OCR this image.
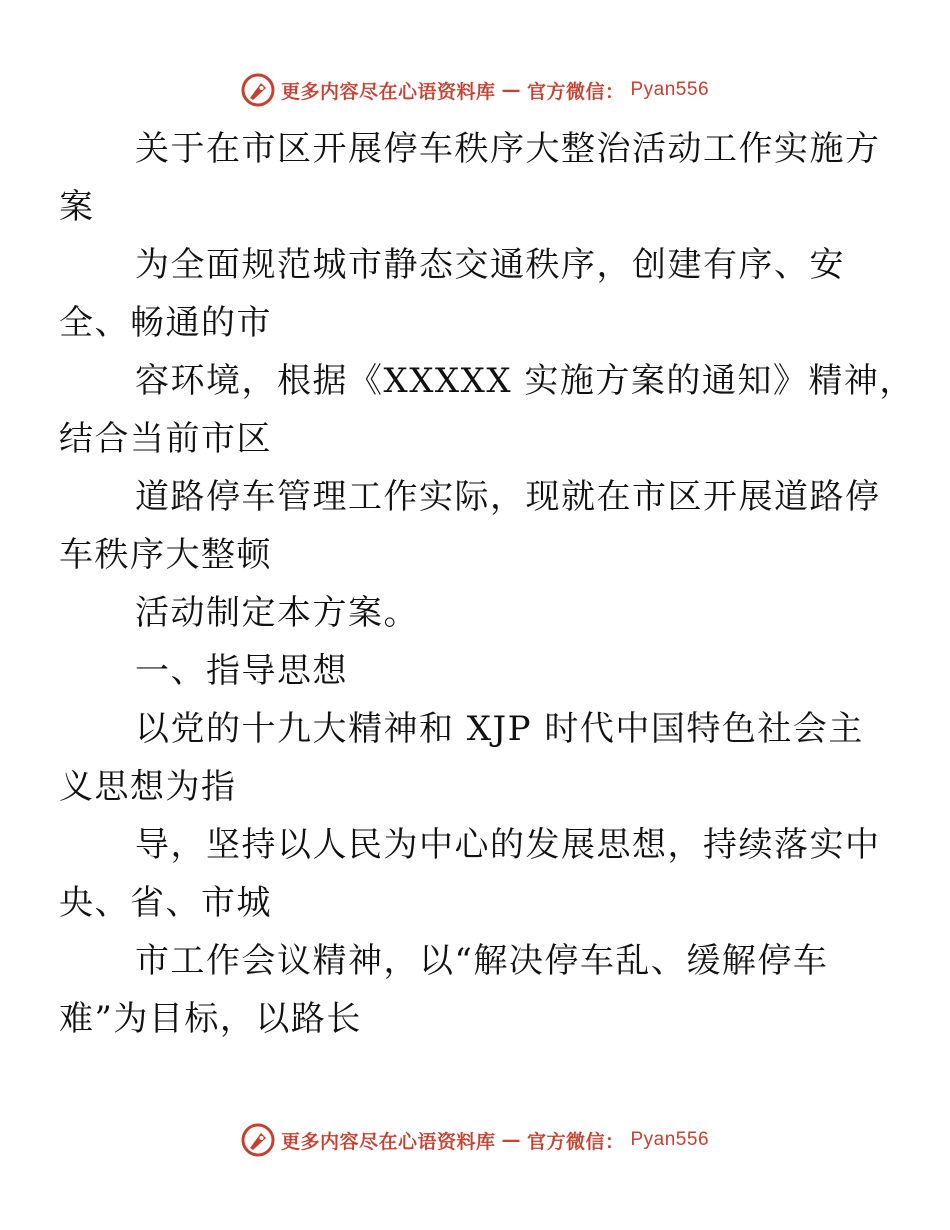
更多内容尽在心语资料库 — 官方微信： Pyan556

关于在市区开展停车秩序大整治活动工作实施方
案

为全面规范城市静态交通秩序，创建有序、安
全、畅通的市

容环境，根据《XXXXX 实施方案的通知》精神，
结合当前市区

道路停车管理工作实际，现就在市区开展道路停
车秩序大整顿

活动制定本方案。

一、指导思想

以党的十九大精神和 XJP 时代中国特色社会主
义思想为指

导，坚持以人民为中心的发展思想，持续落实中
央、省、市城

市工作会议精神，以“解决停车乱、缓解停车
难”为目标，以路长

更多内容尽在心语资料库 — 官方微信： Pyan556
